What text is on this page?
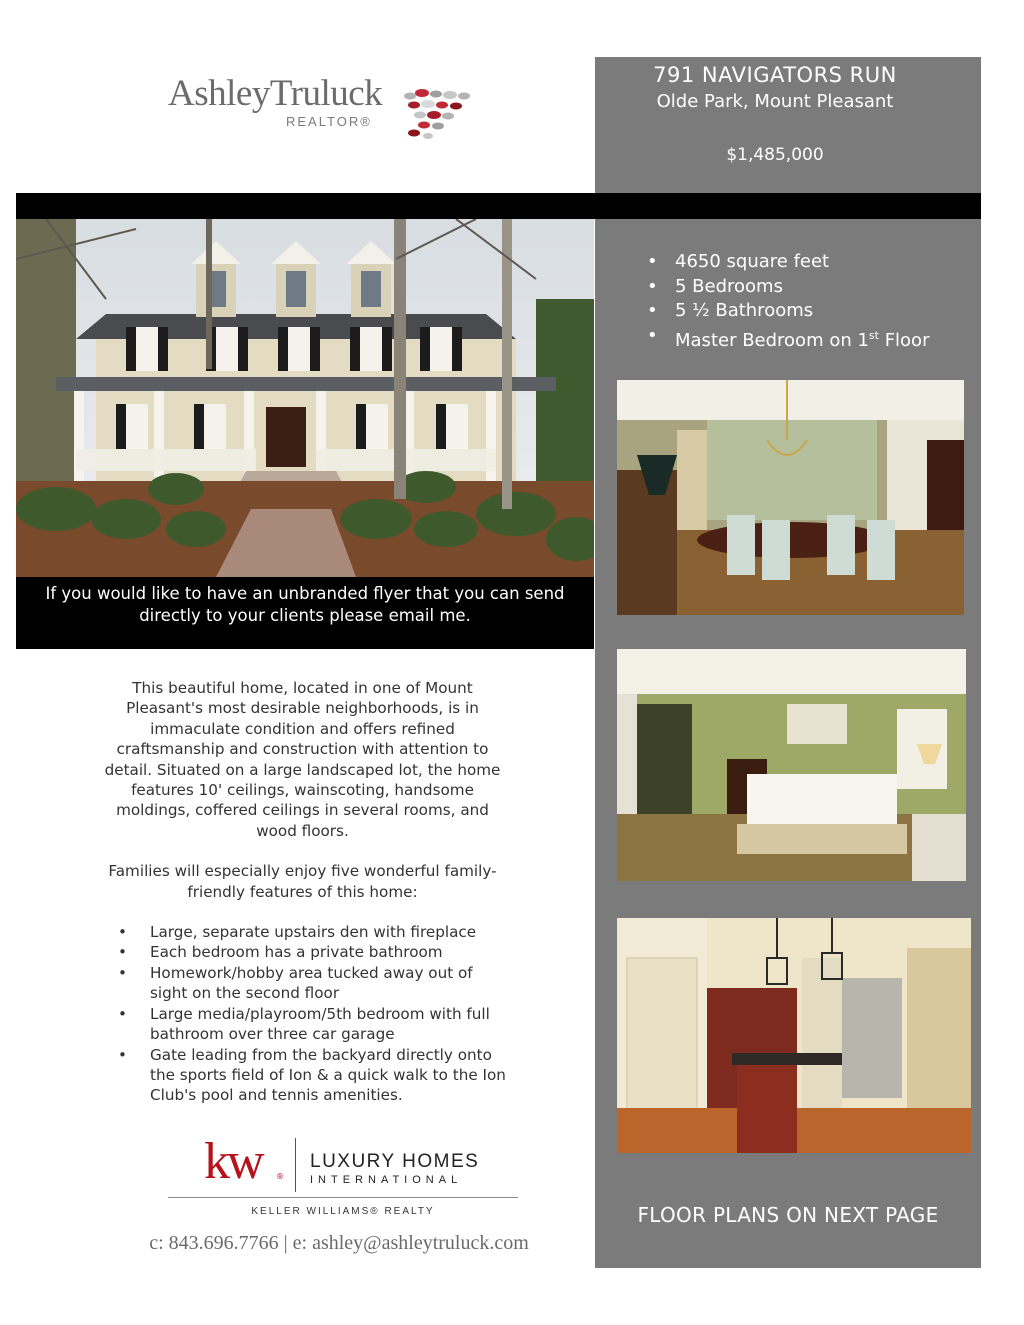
AshleyTruluck
REALTOR®
791 NAVIGATORS RUN
Olde Park, Mount Pleasant
$1,485,000
If you would like to have an unbranded flyer that you can send directly to your clients please email me.
• 4650 square feet
• 5 Bedrooms
• 5 ½ Bathrooms
• Master Bedroom on 1st Floor
FLOOR PLANS ON NEXT PAGE

This beautiful home, located in one of Mount Pleasant's most desirable neighborhoods, is in immaculate condition and offers refined craftsmanship and construction with attention to detail. Situated on a large landscaped lot, the home features 10' ceilings, wainscoting, handsome moldings, coffered ceilings in several rooms, and wood floors.

Families will especially enjoy five wonderful family-friendly features of this home:

• Large, separate upstairs den with fireplace
• Each bedroom has a private bathroom
• Homework/hobby area tucked away out of sight on the second floor
• Large media/playroom/5th bedroom with full bathroom over three car garage
• Gate leading from the backyard directly onto the sports field of Ion & a quick walk to the Ion Club's pool and tennis amenities.
kw ®
LUXURY HOMES
INTERNATIONAL
KELLER WILLIAMS® REALTY
c: 843.696.7766 | e: ashley@ashleytruluck.com
